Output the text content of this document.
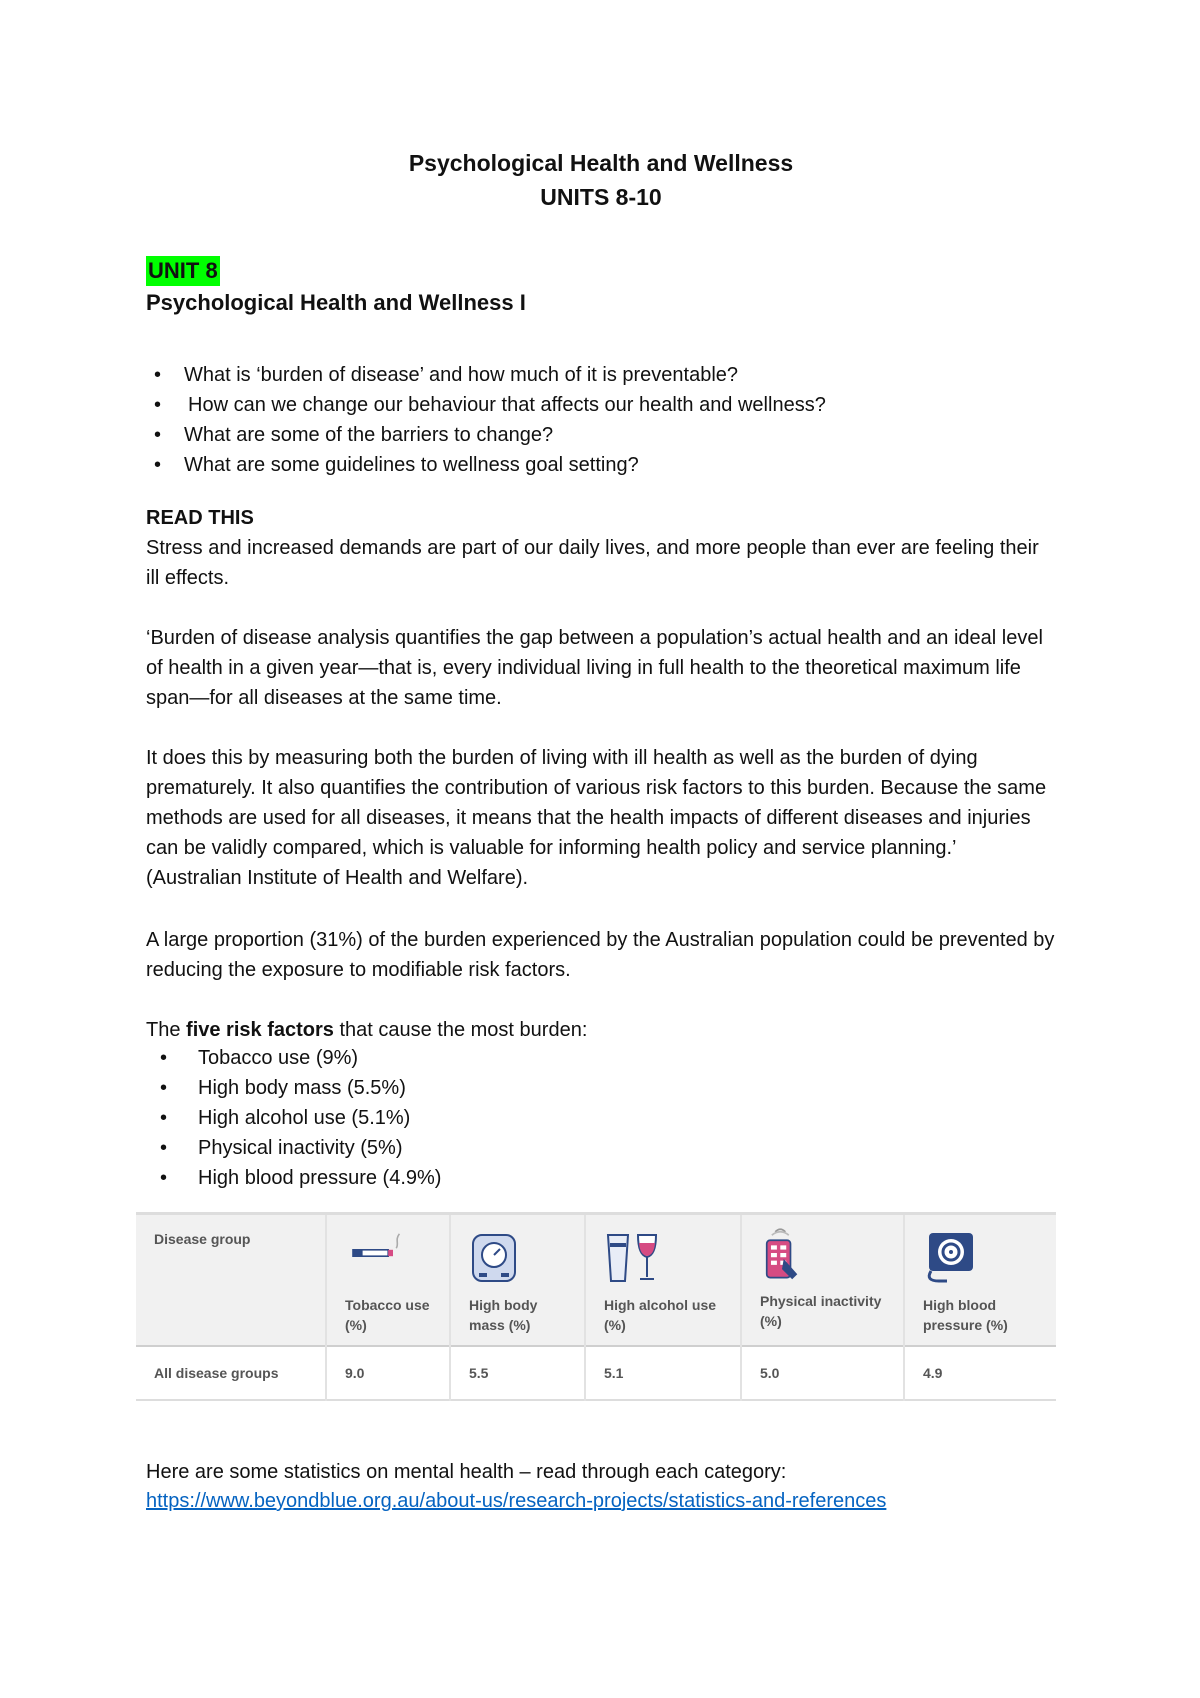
Psychological Health and Wellness
UNITS 8-10
UNIT 8
Psychological Health and Wellness I
• What is ‘burden of disease’ and how much of it is preventable?
• How can we change our behaviour that affects our health and wellness?
• What are some of the barriers to change?
• What are some guidelines to wellness goal setting?
READ THIS

Stress and increased demands are part of our daily lives, and more people than ever are feeling their ill effects.

‘Burden of disease analysis quantifies the gap between a population’s actual health and an ideal level of health in a given year—that is, every individual living in full health to the theoretical maximum life span—for all diseases at the same time.

It does this by measuring both the burden of living with ill health as well as the burden of dying prematurely. It also quantifies the contribution of various risk factors to this burden. Because the same methods are used for all diseases, it means that the health impacts of different diseases and injuries can be validly compared, which is valuable for informing health policy and service planning.’ (Australian Institute of Health and Welfare).

A large proportion (31%) of the burden experienced by the Australian population could be prevented by reducing the exposure to modifiable risk factors.

The five risk factors that cause the most burden:
• Tobacco use (9%)
• High body mass (5.5%)
• High alcohol use (5.1%)
• Physical inactivity (5%)
• High blood pressure (4.9%)
Disease group	Tobacco use (%)	High body mass (%)	High alcohol use (%)	Physical inactivity (%)	High blood pressure (%)

All disease groups	9.0	5.5	5.1	5.0	4.9
Here are some statistics on mental health – read through each category:
https://www.beyondblue.org.au/about-us/research-projects/statistics-and-references
